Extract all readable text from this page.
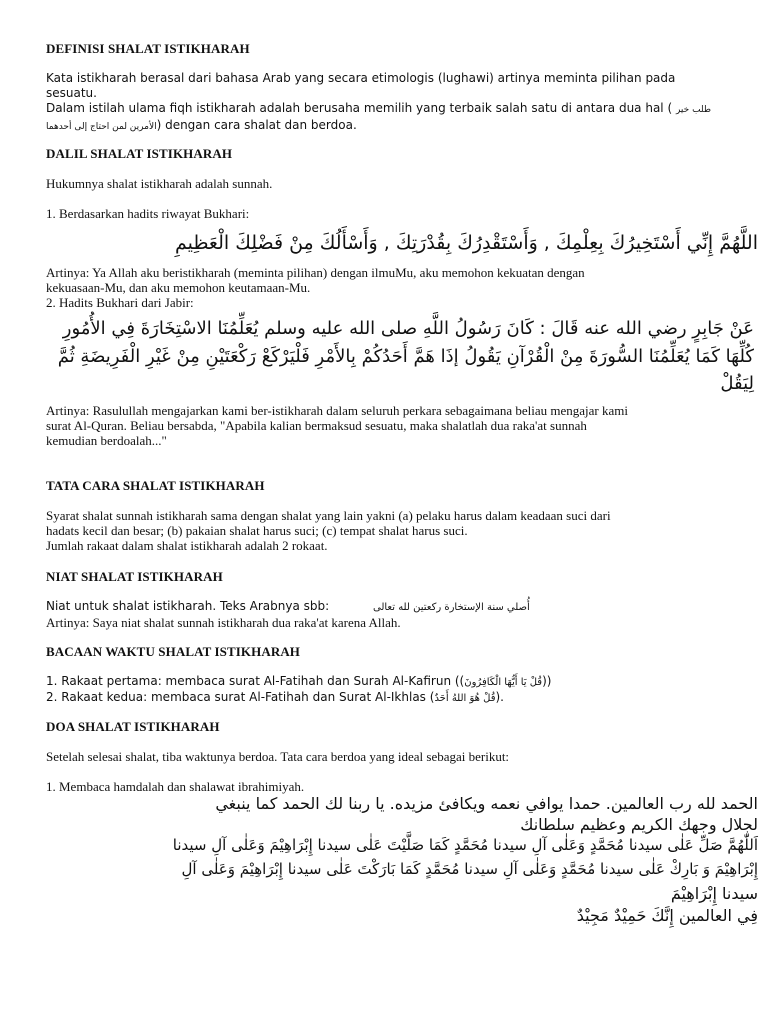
DEFINISI SHALAT ISTIKHARAH
Kata istikharah berasal dari bahasa Arab yang secara etimologis (lughawi) artinya meminta pilihan pada
sesuatu.
Dalam istilah ulama fiqh istikharah adalah berusaha memilih yang terbaik salah satu di antara dua hal ( طلب خير
الأمرين لمن احتاج إلى أحدهما) dengan cara shalat dan berdoa.
DALIL SHALAT ISTIKHARAH
Hukumnya shalat istikharah adalah sunnah.
1. Berdasarkan hadits riwayat Bukhari:
اللَّهُمَّ إِنِّي أَسْتَخِيرُكَ بِعِلْمِكَ , وَأَسْتَقْدِرُكَ بِقُدْرَتِكَ , وَأَسْأَلُكَ مِنْ فَضْلِكَ الْعَظِيمِ
Artinya: Ya Allah aku beristikharah (meminta pilihan) dengan ilmuMu, aku memohon kekuatan dengan
kekuasaan-Mu, dan aku memohon keutamaan-Mu.
2. Hadits Bukhari dari Jabir:
عَنْ جَابِرٍ رضي الله عنه قَالَ : كَانَ رَسُولُ اللَّهِ صلى الله عليه وسلم يُعَلِّمُنَا الاسْتِخَارَةَ فِي الأُمُورِ
كُلِّهَا كَمَا يُعَلِّمُنَا السُّورَةَ مِنْ الْقُرْآنِ يَقُولُ إذَا هَمَّ أَحَدُكُمْ بِالأَمْرِ فَلْيَرْكَعْ رَكْعَتَيْنِ مِنْ غَيْرِ الْفَرِيضَةِ ثُمَّ
لِيَقُلْ
Artinya: Rasulullah mengajarkan kami ber-istikharah dalam seluruh perkara sebagaimana beliau mengajar kami
surat Al-Quran. Beliau bersabda, "Apabila kalian bermaksud sesuatu, maka shalatlah dua raka'at sunnah
kemudian berdoalah..."
TATA CARA SHALAT ISTIKHARAH
Syarat shalat sunnah istikharah sama dengan shalat yang lain yakni (a) pelaku harus dalam keadaan suci dari
hadats kecil dan besar; (b) pakaian shalat harus suci; (c) tempat shalat harus suci.
Jumlah rakaat dalam shalat istikharah adalah 2 rokaat.
NIAT SHALAT ISTIKHARAH
Niat untuk shalat istikharah. Teks Arabnya sbb:	أُصلي سنة الإستخارة ركعتين لله تعالى
Artinya: Saya niat shalat sunnah istikharah dua raka'at karena Allah.
BACAAN WAKTU SHALAT ISTIKHARAH
1. Rakaat pertama: membaca surat Al-Fatihah dan Surah Al-Kafirun ((قُلْ يَا أَيُّهَا الْكَافِرُونَ))
2. Rakaat kedua: membaca surat Al-Fatihah dan Surat Al-Ikhlas (قُلْ هُوَ اللهُ أَحَدٌ).
DOA SHALAT ISTIKHARAH
Setelah selesai shalat, tiba waktunya berdoa. Tata cara berdoa yang ideal sebagai berikut:
1. Membaca hamdalah dan shalawat ibrahimiyah.
الحمد لله رب العالمين. حمدا يوافي نعمه ويكافئ مزيده. يا ربنا لك الحمد كما ينبغي
لجلال وجهك الكريم وعظيم سلطانك
اَللّٰهُمَّ صَلِّ عَلٰى سيدنا مُحَمَّدٍ وَعَلٰى آلِ سيدنا مُحَمَّدٍ كَمَا صَلَّيْتَ عَلٰى سيدنا إِبْرَاهِيْمَ وَعَلٰى آلِ سيدنا
إِبْرَاهِيْمَ وَ بَارِكْ عَلٰى سيدنا مُحَمَّدٍ وَعَلٰى آلِ سيدنا مُحَمَّدٍ كَمَا بَارَكْتَ عَلٰى سيدنا إِبْرَاهِيْمَ وَعَلٰى آلِ
سيدنا إِبْرَاهِيْمَ
فِي العالمين إِنَّكَ حَمِيْدٌ مَجِيْدٌ
